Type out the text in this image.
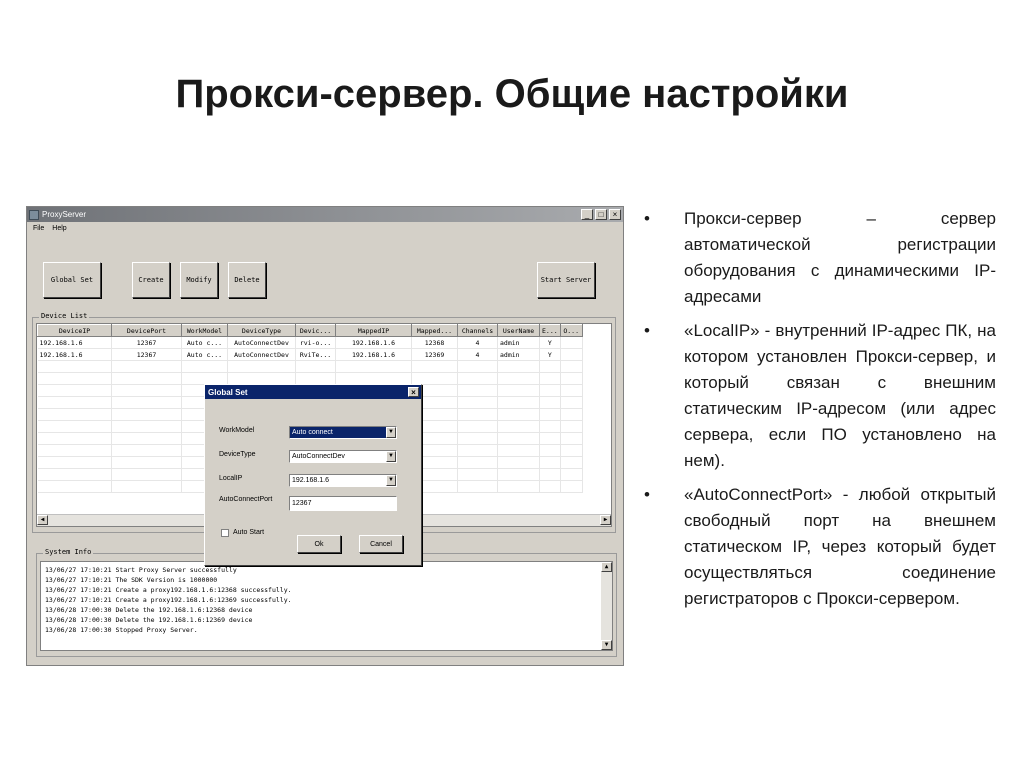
Прокси-сервер. Общие настройки
ProxyServer	_	□	×
File Help
Global Set	Create	Modify	Delete	Start Server
Device List
DeviceIP	DevicePort	WorkModel	DeviceType	Devic...	MappedIP	Mapped...	Channels	UserName	E...	O...
192.168.1.6	12367	Auto c...	AutoConnectDev	rvi-o...	192.168.1.6	12368	4	admin	Y	
192.168.1.6	12367	Auto c...	AutoConnectDev	RviTe...	192.168.1.6	12369	4	admin	Y	

◀	▶
System Info
13/06/27 17:10:21 Start Proxy Server successfully
13/06/27 17:10:21 The SDK Version is 1000000
13/06/27 17:10:21 Create a proxy192.168.1.6:12368 successfully.
13/06/27 17:10:21 Create a proxy192.168.1.6:12369 successfully.
13/06/28 17:00:30 Delete the 192.168.1.6:12368 device
13/06/28 17:00:30 Delete the 192.168.1.6:12369 device
13/06/28 17:00:30 Stopped Proxy Server.
▲
▼
Global Set	×
WorkModel	Auto connect	▼
DeviceType	AutoConnectDev	▼
LocalIP	192.168.1.6	▼
AutoConnectPort
12367
Auto Start
Ok	Cancel
• Прокси-сервер – сервер автоматической регистрации оборудования с динамическими IP-адресами
• «LocalIP» - внутренний IP-адрес ПК, на котором установлен Прокси-сервер, и который связан с внешним статическим IP-адресом (или адрес сервера, если ПО установлено на нем).
• «AutoConnectPort» - любой открытый свободный порт на внешнем статическом IP, через который будет осуществляться соединение регистраторов с Прокси-сервером.
